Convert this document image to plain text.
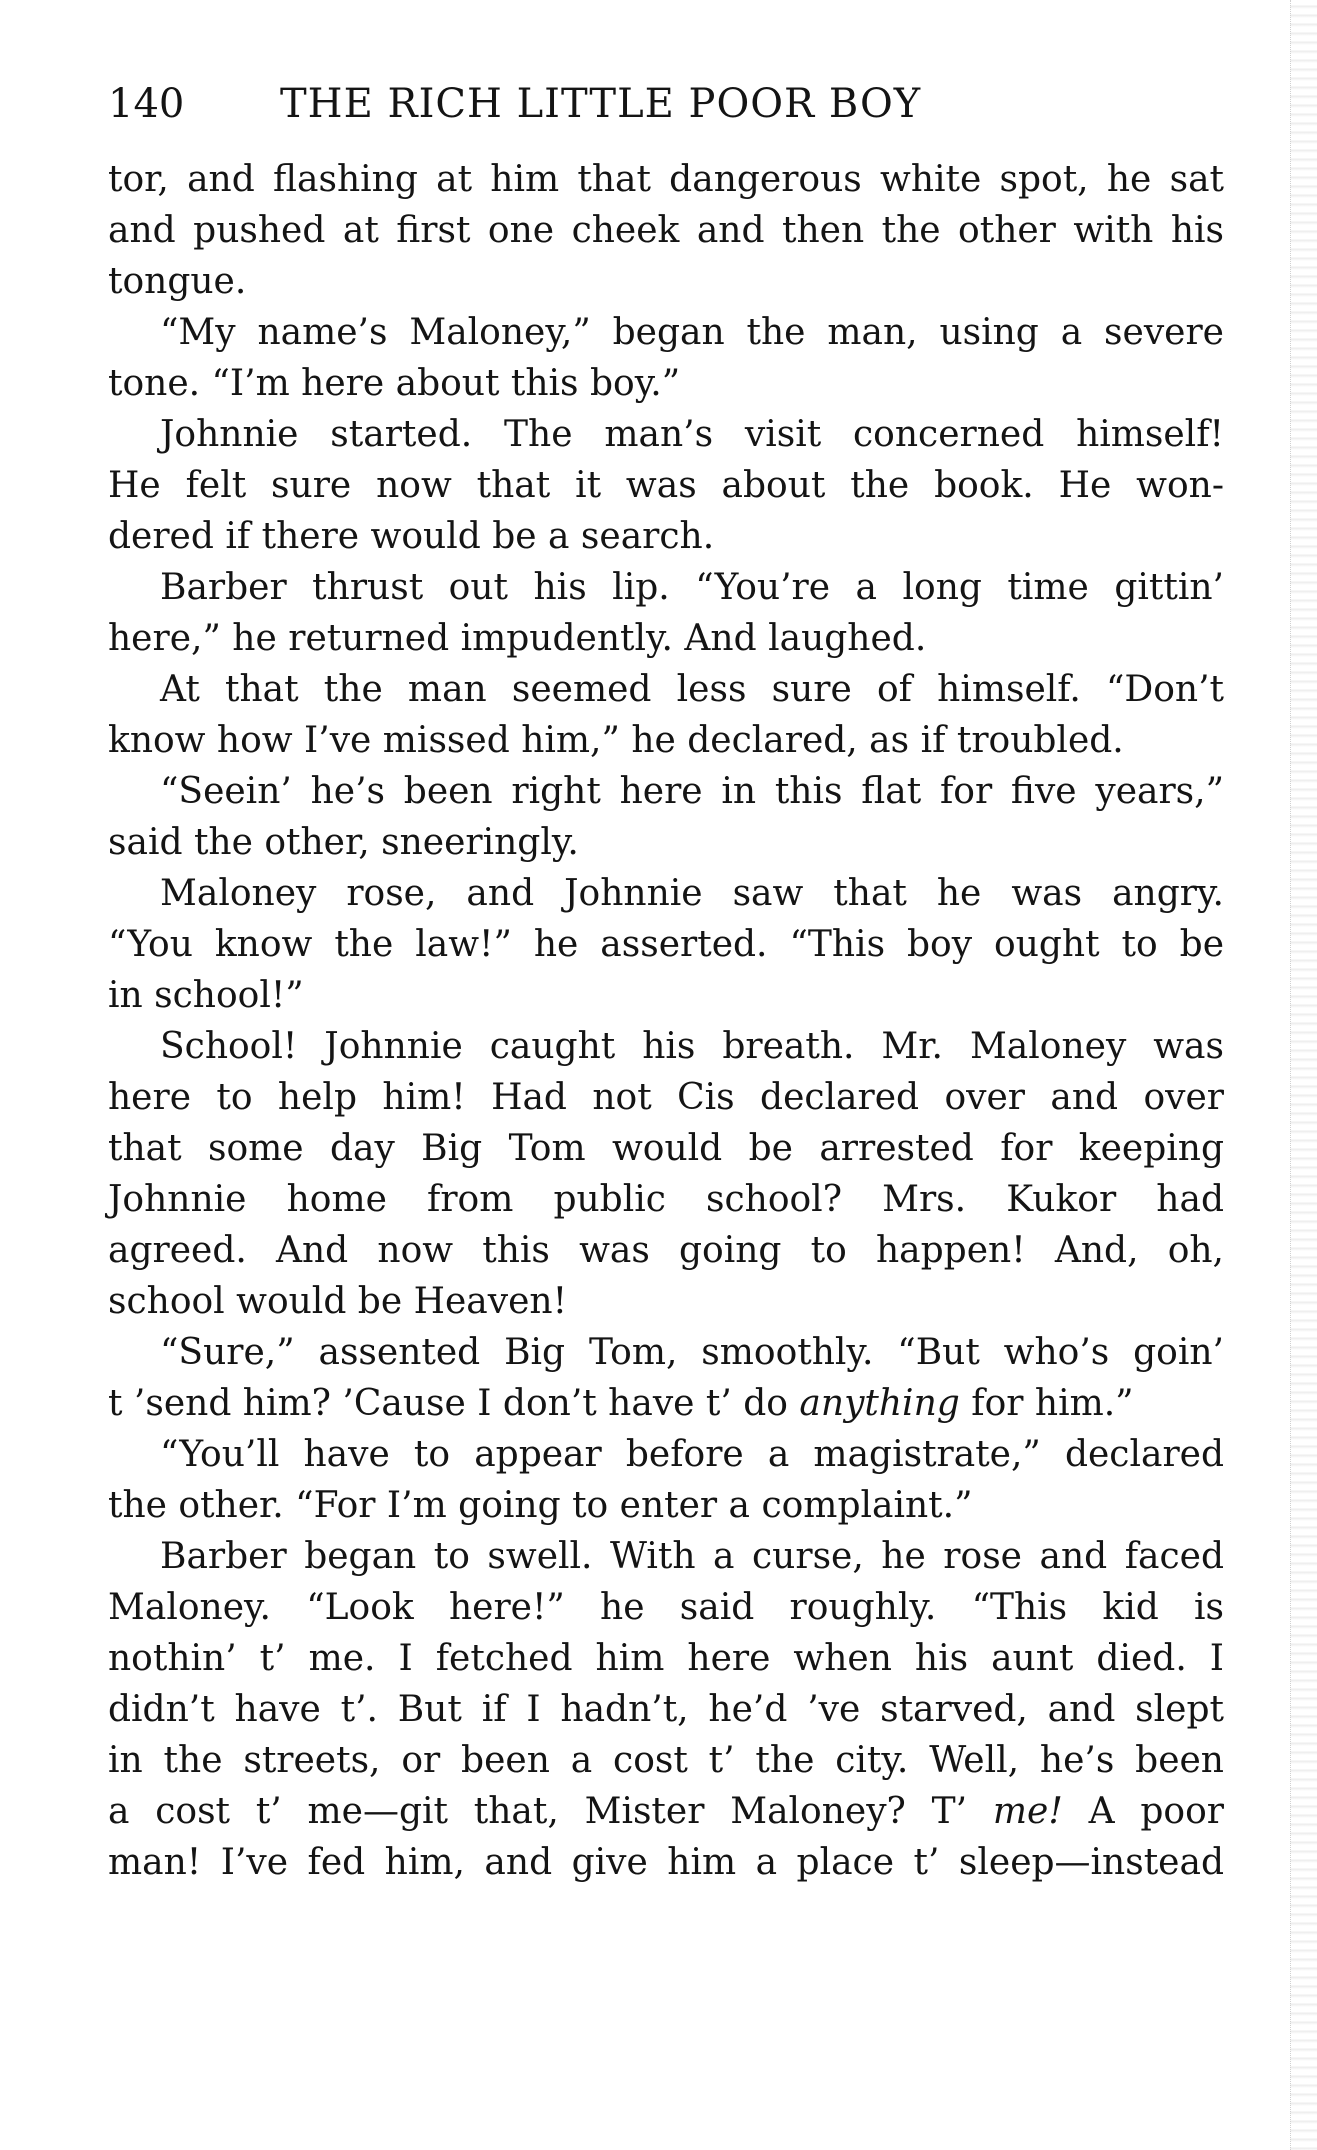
140 THE RICH LITTLE POOR BOY
tor, and flashing at him that dangerous white spot, he sat
and pushed at first one cheek and then the other with his
tongue.
“My name’s Maloney,” began the man, using a severe
tone. “I’m here about this boy.”
Johnnie started. The man’s visit concerned himself!
He felt sure now that it was about the book. He won-
dered if there would be a search.
Barber thrust out his lip. “You’re a long time gittin’
here,” he returned impudently. And laughed.
At that the man seemed less sure of himself. “Don’t
know how I’ve missed him,” he declared, as if troubled.
“Seein’ he’s been right here in this flat for five years,”
said the other, sneeringly.
Maloney rose, and Johnnie saw that he was angry.
“You know the law!” he asserted. “This boy ought to be
in school!”
School! Johnnie caught his breath. Mr. Maloney was
here to help him! Had not Cis declared over and over
that some day Big Tom would be arrested for keeping
Johnnie home from public school? Mrs. Kukor had
agreed. And now this was going to happen! And, oh,
school would be Heaven!
“Sure,” assented Big Tom, smoothly. “But who’s goin’
t ’send him? ’Cause I don’t have t’ do anything for him.”
“You’ll have to appear before a magistrate,” declared
the other. “For I’m going to enter a complaint.”
Barber began to swell. With a curse, he rose and faced
Maloney. “Look here!” he said roughly. “This kid is
nothin’ t’ me. I fetched him here when his aunt died. I
didn’t have t’. But if I hadn’t, he’d ’ve starved, and slept
in the streets, or been a cost t’ the city. Well, he’s been
a cost t’ me—git that, Mister Maloney? T’ me! A poor
man! I’ve fed him, and give him a place t’ sleep—instead
